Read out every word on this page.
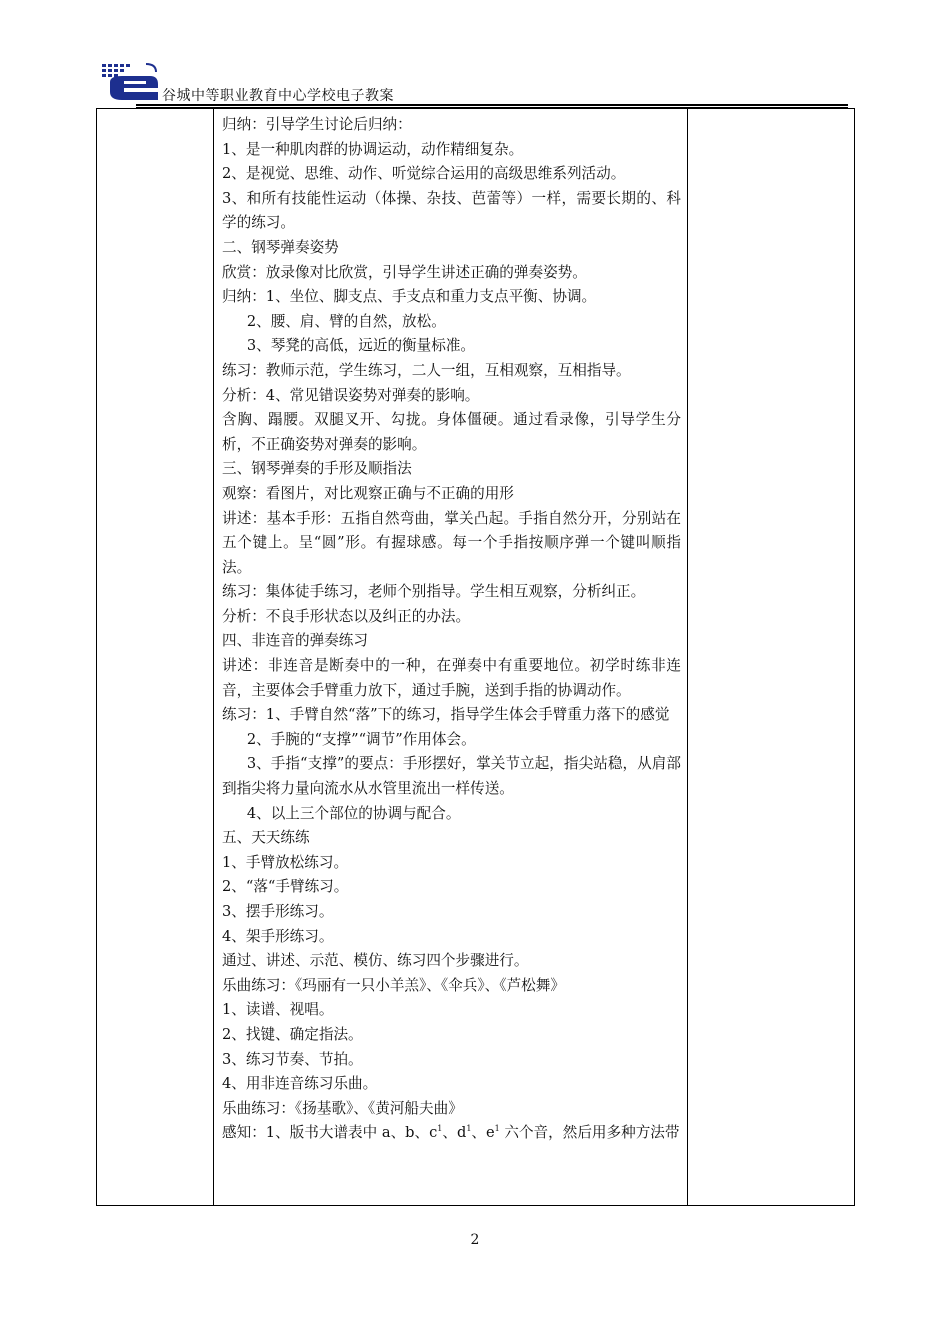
谷城中等职业教育中心学校电子教案

归纳：引导学生讨论后归纳：

1、是一种肌肉群的协调运动，动作精细复杂。

2、是视觉、思维、动作、听觉综合运用的高级思维系列活动。

3、和所有技能性运动（体操、杂技、芭蕾等）一样，需要长期的、科学的练习。

二、钢琴弹奏姿势

欣赏：放录像对比欣赏，引导学生讲述正确的弹奏姿势。

归纳：1、坐位、脚支点、手支点和重力支点平衡、协调。

2、腰、肩、臂的自然，放松。

3、琴凳的高低，远近的衡量标准。

练习：教师示范，学生练习，二人一组，互相观察，互相指导。

分析：4、常见错误姿势对弹奏的影响。

含胸、蹋腰。双腿叉开、勾拢。身体僵硬。通过看录像，引导学生分析，不正确姿势对弹奏的影响。

三、钢琴弹奏的手形及顺指法

观察：看图片，对比观察正确与不正确的用形

讲述：基本手形：五指自然弯曲，掌关凸起。手指自然分开，分别站在五个键上。呈“圆”形。有握球感。每一个手指按顺序弹一个键叫顺指法。

练习：集体徒手练习，老师个别指导。学生相互观察，分析纠正。

分析：不良手形状态以及纠正的办法。

四、非连音的弹奏练习

讲述：非连音是断奏中的一种，在弹奏中有重要地位。初学时练非连音，主要体会手臂重力放下，通过手腕，送到手指的协调动作。

练习：1、手臂自然“落”下的练习，指导学生体会手臂重力落下的感觉

2、手腕的“支撑”“调节”作用体会。

3、手指“支撑”的要点：手形摆好，掌关节立起，指尖站稳，从肩部到指尖将力量向流水从水管里流出一样传送。

4、以上三个部位的协调与配合。

五、天天练练

1、手臂放松练习。

2、“落“手臂练习。

3、摆手形练习。

4、架手形练习。

通过、讲述、示范、模仿、练习四个步骤进行。

乐曲练习：《玛丽有一只小羊羔》、《伞兵》、《芦松舞》

1、读谱、视唱。

2、找键、确定指法。

3、练习节奏、节拍。

4、用非连音练习乐曲。

乐曲练习：《扬基歌》、《黄河船夫曲》

感知：1、版书大谱表中 a、b、$c^1$、$d^1$、$e^1$ 六个音，然后用多种方法带

2
